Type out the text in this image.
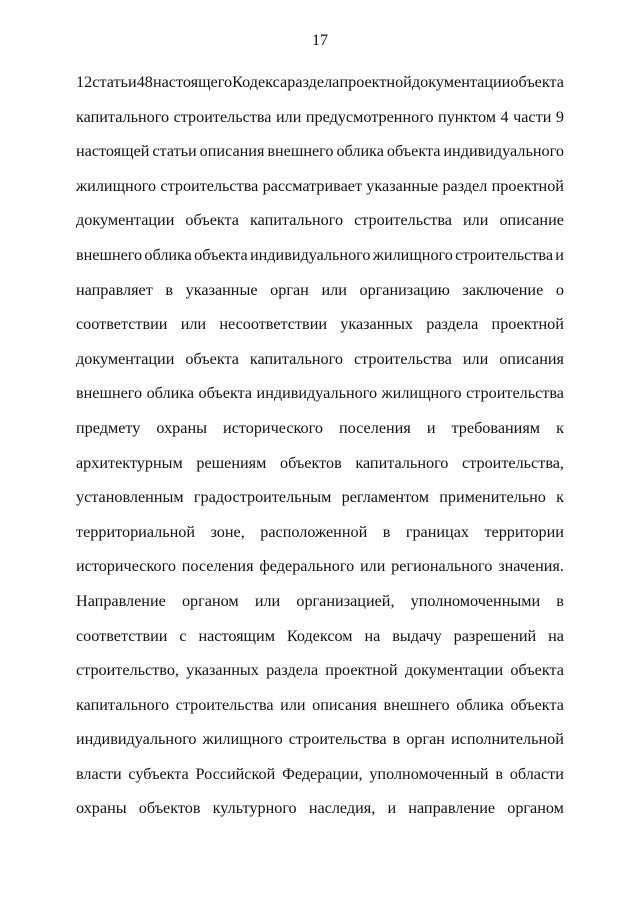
17
12 статьи 48 настоящего Кодекса раздела проектной документации объекта
капитального строительства или предусмотренного пунктом 4 части 9
настоящей статьи описания внешнего облика объекта индивидуального
жилищного строительства рассматривает указанные раздел проектной
документации объекта капитального строительства или описание
внешнего облика объекта индивидуального жилищного строительства и
направляет в указанные орган или организацию заключение о
соответствии или несоответствии указанных раздела проектной
документации объекта капитального строительства или описания
внешнего облика объекта индивидуального жилищного строительства
предмету охраны исторического поселения и требованиям к
архитектурным решениям объектов капитального строительства,
установленным градостроительным регламентом применительно к
территориальной зоне, расположенной в границах территории
исторического поселения федерального или регионального значения.
Направление органом или организацией, уполномоченными в
соответствии с настоящим Кодексом на выдачу разрешений на
строительство, указанных раздела проектной документации объекта
капитального строительства или описания внешнего облика объекта
индивидуального жилищного строительства в орган исполнительной
власти субъекта Российской Федерации, уполномоченный в области
охраны объектов культурного наследия, и направление органом
